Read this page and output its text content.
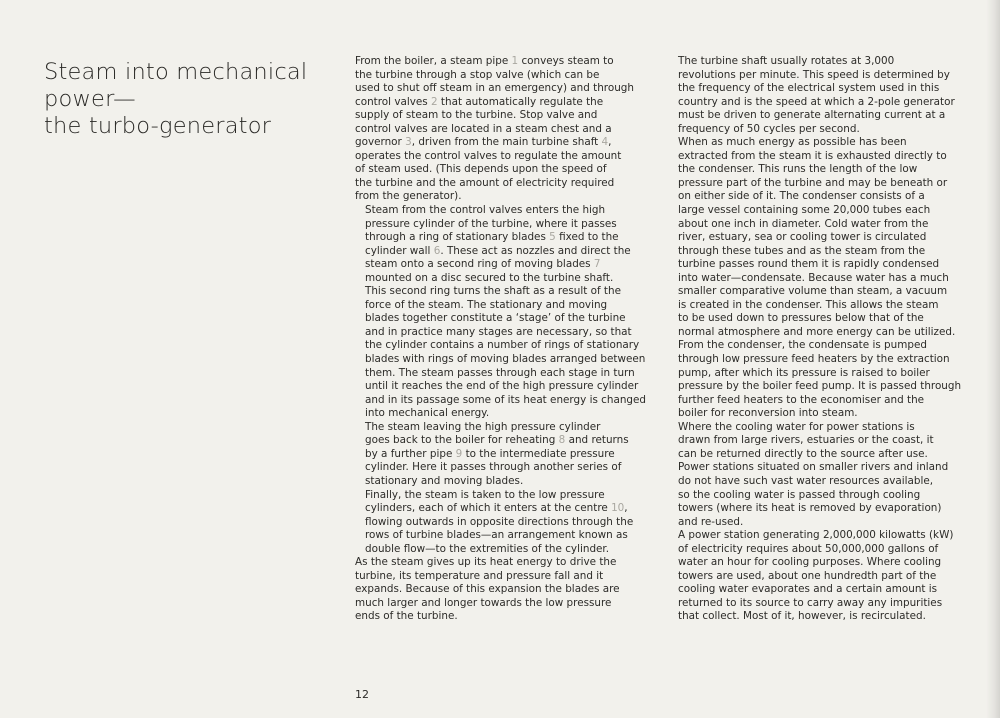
Steam into mechanical
power—
the turbo-generator

From the boiler, a steam pipe 1 conveys steam to
the turbine through a stop valve (which can be
used to shut off steam in an emergency) and through
control valves 2 that automatically regulate the
supply of steam to the turbine. Stop valve and
control valves are located in a steam chest and a
governor 3, driven from the main turbine shaft 4,
operates the control valves to regulate the amount
of steam used. (This depends upon the speed of
the turbine and the amount of electricity required
from the generator).

Steam from the control valves enters the high
pressure cylinder of the turbine, where it passes
through a ring of stationary blades 5 fixed to the
cylinder wall 6. These act as nozzles and direct the
steam onto a second ring of moving blades 7
mounted on a disc secured to the turbine shaft.
This second ring turns the shaft as a result of the
force of the steam. The stationary and moving
blades together constitute a ‘stage’ of the turbine
and in practice many stages are necessary, so that
the cylinder contains a number of rings of stationary
blades with rings of moving blades arranged between
them. The steam passes through each stage in turn
until it reaches the end of the high pressure cylinder
and in its passage some of its heat energy is changed
into mechanical energy.

The steam leaving the high pressure cylinder
goes back to the boiler for reheating 8 and returns
by a further pipe 9 to the intermediate pressure
cylinder. Here it passes through another series of
stationary and moving blades.

Finally, the steam is taken to the low pressure
cylinders, each of which it enters at the centre 10,
flowing outwards in opposite directions through the
rows of turbine blades—an arrangement known as
double flow—to the extremities of the cylinder.

As the steam gives up its heat energy to drive the
turbine, its temperature and pressure fall and it
expands. Because of this expansion the blades are
much larger and longer towards the low pressure
ends of the turbine.

The turbine shaft usually rotates at 3,000
revolutions per minute. This speed is determined by
the frequency of the electrical system used in this
country and is the speed at which a 2-pole generator
must be driven to generate alternating current at a
frequency of 50 cycles per second.

When as much energy as possible has been
extracted from the steam it is exhausted directly to
the condenser. This runs the length of the low
pressure part of the turbine and may be beneath or
on either side of it. The condenser consists of a
large vessel containing some 20,000 tubes each
about one inch in diameter. Cold water from the
river, estuary, sea or cooling tower is circulated
through these tubes and as the steam from the
turbine passes round them it is rapidly condensed
into water—condensate. Because water has a much
smaller comparative volume than steam, a vacuum
is created in the condenser. This allows the steam
to be used down to pressures below that of the
normal atmosphere and more energy can be utilized.

From the condenser, the condensate is pumped
through low pressure feed heaters by the extraction
pump, after which its pressure is raised to boiler
pressure by the boiler feed pump. It is passed through
further feed heaters to the economiser and the
boiler for reconversion into steam.

Where the cooling water for power stations is
drawn from large rivers, estuaries or the coast, it
can be returned directly to the source after use.
Power stations situated on smaller rivers and inland
do not have such vast water resources available,
so the cooling water is passed through cooling
towers (where its heat is removed by evaporation)
and re-used.

A power station generating 2,000,000 kilowatts (kW)
of electricity requires about 50,000,000 gallons of
water an hour for cooling purposes. Where cooling
towers are used, about one hundredth part of the
cooling water evaporates and a certain amount is
returned to its source to carry away any impurities
that collect. Most of it, however, is recirculated.

12
